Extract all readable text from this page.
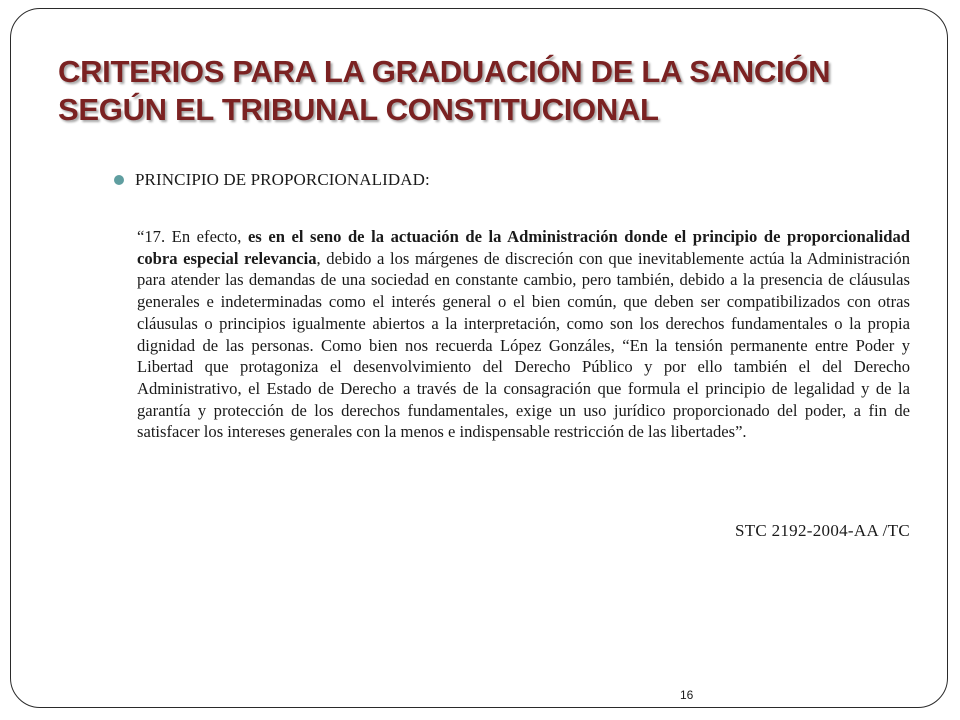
CRITERIOS PARA LA GRADUACIÓN DE LA SANCIÓN
SEGÚN EL TRIBUNAL CONSTITUCIONAL
PRINCIPIO DE PROPORCIONALIDAD:

“17. En efecto, es en el seno de la actuación de la Administración donde el principio de proporcionalidad cobra especial relevancia, debido a los márgenes de discreción con que inevitablemente actúa la Administración para atender las demandas de una sociedad en constante cambio, pero también, debido a la presencia de cláusulas generales e indeterminadas como el interés general o el bien común, que deben ser compatibilizados con otras cláusulas o principios igualmente abiertos a la interpretación, como son los derechos fundamentales o la propia dignidad de las personas. Como bien nos recuerda López Gonzáles, “En la tensión permanente entre Poder y Libertad que protagoniza el desenvolvimiento del Derecho Público y por ello también el del Derecho Administrativo, el Estado de Derecho a través de la consagración que formula el principio de legalidad y de la garantía y protección de los derechos fundamentales, exige un uso jurídico proporcionado del poder, a fin de satisfacer los intereses generales con la menos e indispensable restricción de las libertades”.

STC 2192-2004-AA /TC
16
